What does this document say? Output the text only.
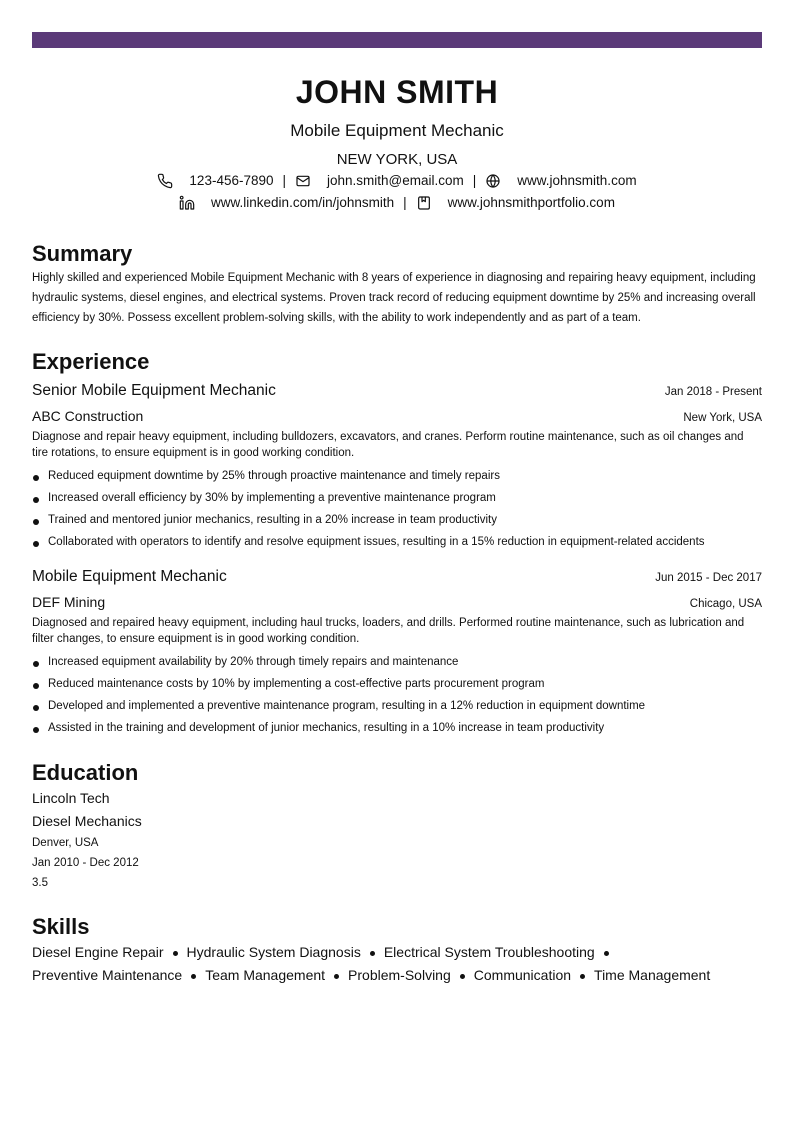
JOHN SMITH
Mobile Equipment Mechanic
NEW YORK, USA
123-456-7890 |	john.smith@email.com |	www.johnsmith.com
www.linkedin.com/in/johnsmith |	www.johnsmithportfolio.com
Summary

Highly skilled and experienced Mobile Equipment Mechanic with 8 years of experience in diagnosing and repairing heavy equipment, including hydraulic systems, diesel engines, and electrical systems. Proven track record of reducing equipment downtime by 25% and increasing overall efficiency by 30%. Possess excellent problem-solving skills, with the ability to work independently and as part of a team.

Experience
Senior Mobile Equipment Mechanic	Jan 2018 - Present
ABC Construction	New York, USA

Diagnose and repair heavy equipment, including bulldozers, excavators, and cranes. Perform routine maintenance, such as oil changes and tire rotations, to ensure equipment is in good working condition.

Reduced equipment downtime by 25% through proactive maintenance and timely repairs
Increased overall efficiency by 30% by implementing a preventive maintenance program
Trained and mentored junior mechanics, resulting in a 20% increase in team productivity
Collaborated with operators to identify and resolve equipment issues, resulting in a 15% reduction in equipment-related accidents
Mobile Equipment Mechanic	Jun 2015 - Dec 2017
DEF Mining	Chicago, USA

Diagnosed and repaired heavy equipment, including haul trucks, loaders, and drills. Performed routine maintenance, such as lubrication and filter changes, to ensure equipment is in good working condition.

Increased equipment availability by 20% through timely repairs and maintenance
Reduced maintenance costs by 10% by implementing a cost-effective parts procurement program
Developed and implemented a preventive maintenance program, resulting in a 12% reduction in equipment downtime
Assisted in the training and development of junior mechanics, resulting in a 10% increase in team productivity
Education
Lincoln Tech
Diesel Mechanics
Denver, USA
Jan 2010 - Dec 2012
3.5
Skills
Diesel Engine Repair Hydraulic System Diagnosis Electrical System Troubleshooting
Preventive Maintenance Team Management Problem-Solving Communication Time Management
